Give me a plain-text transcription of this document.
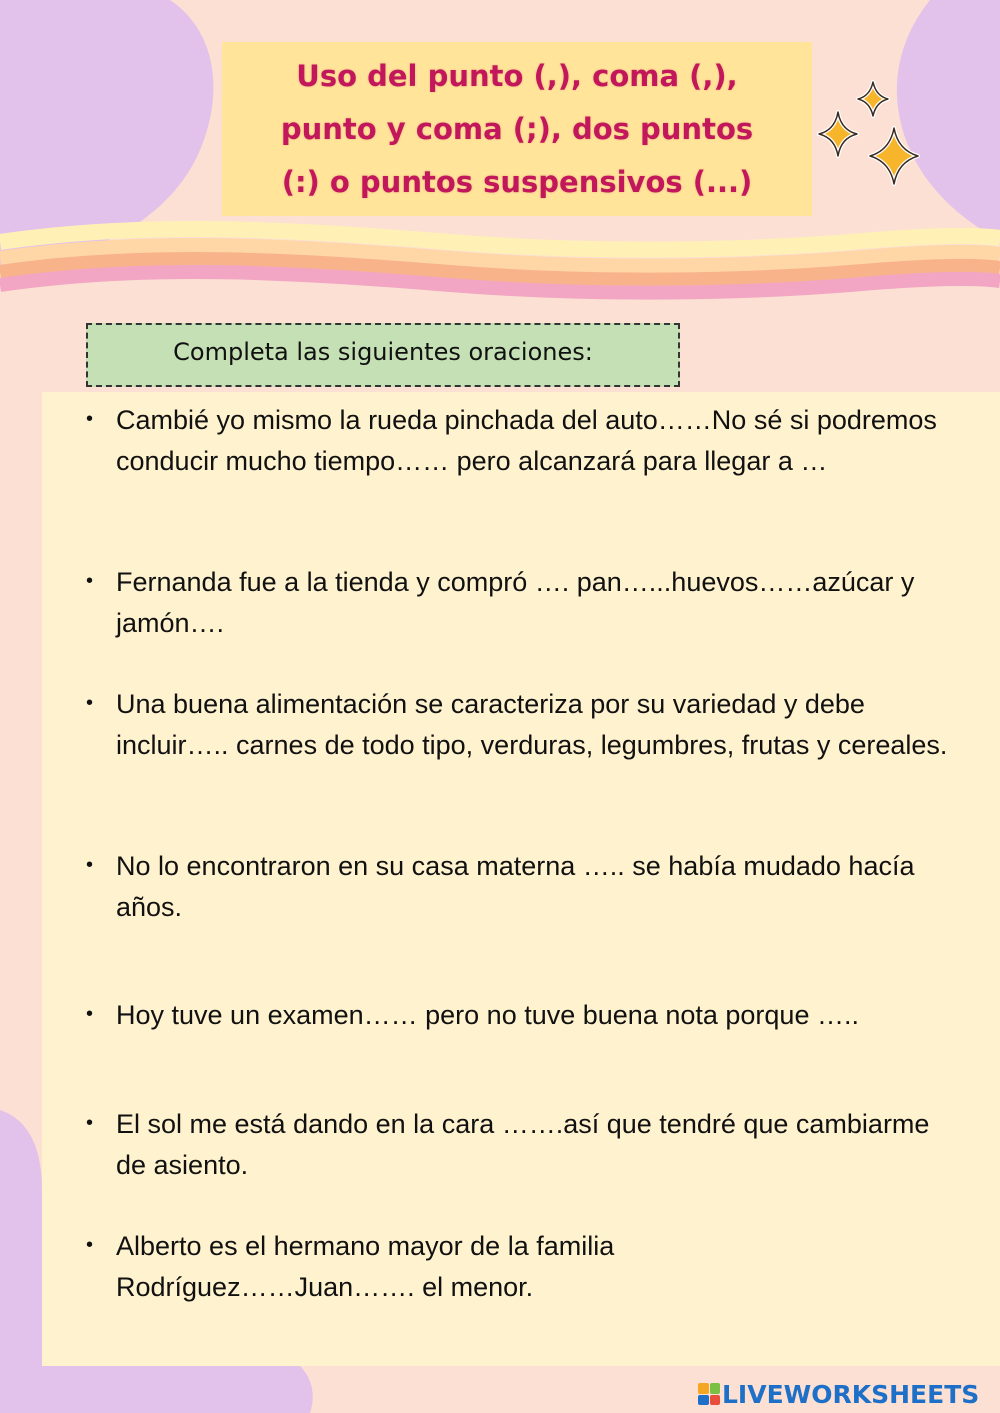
Uso del punto (,), coma (,),
punto y coma (;), dos puntos
(:) o puntos suspensivos (...)
Completa las siguientes oraciones:
• Cambié yo mismo la rueda pinchada del auto……No sé si podremos conducir mucho tiempo…… pero alcanzará para llegar a …
• Fernanda fue a la tienda y compró …. pan…...huevos……azúcar y jamón….
• Una buena alimentación se caracteriza por su variedad y debe incluir….. carnes de todo tipo, verduras, legumbres, frutas y cereales.
• No lo encontraron en su casa materna ….. se había mudado hacía años.
• Hoy tuve un examen…… pero no tuve buena nota porque …..
• El sol me está dando en la cara …….así que tendré que cambiarme de asiento.
• Alberto es el hermano mayor de la familia Rodríguez……Juan……. el menor.
LIVEWORKSHEETS
